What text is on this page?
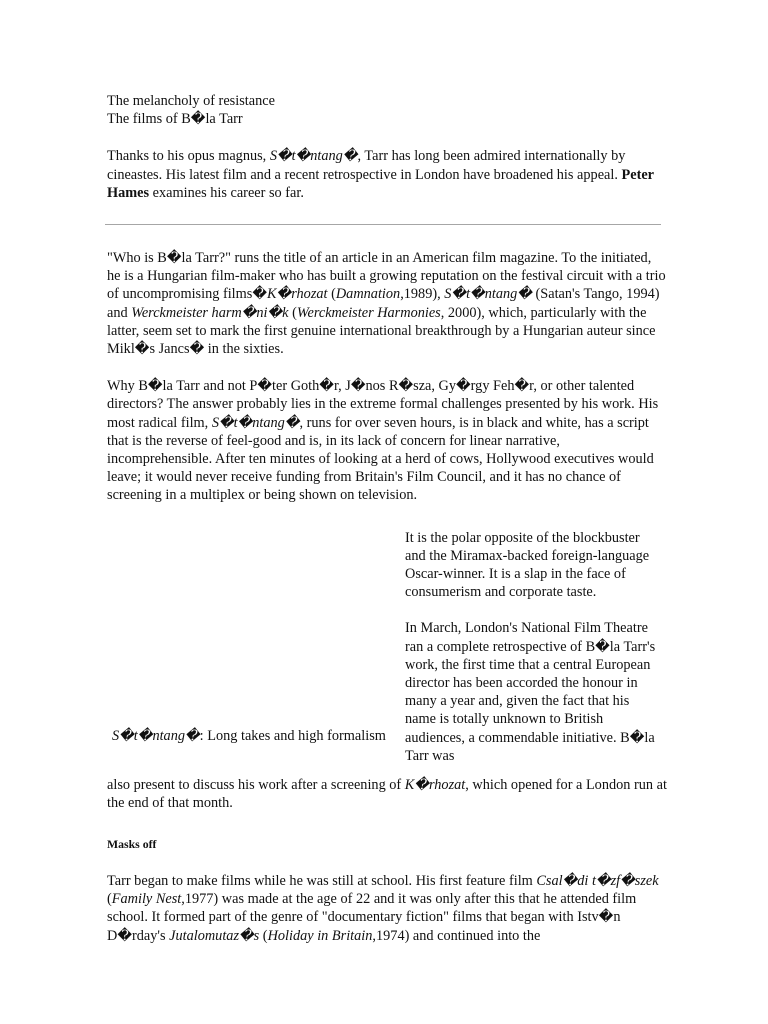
The melancholy of resistance
The films of B�la Tarr

Thanks to his opus magnus, S�t�ntang�, Tarr has long been admired internationally by cineastes. His latest film and a recent retrospective in London have broadened his appeal. Peter Hames examines his career so far.

"Who is B�la Tarr?" runs the title of an article in an American film magazine. To the initiated, he is a Hungarian film-maker who has built a growing reputation on the festival circuit with a trio of uncompromising films�K�rhozat (Damnation,1989), S�t�ntang� (Satan's Tango, 1994) and Werckmeister harm�ni�k (Werckmeister Harmonies, 2000), which, particularly with the latter, seem set to mark the first genuine international breakthrough by a Hungarian auteur since Mikl�s Jancs� in the sixties.

Why B�la Tarr and not P�ter Goth�r, J�nos R�sza, Gy�rgy Feh�r, or other talented directors? The answer probably lies in the extreme formal challenges presented by his work. His most radical film, S�t�ntang�, runs for over seven hours, is in black and white, has a script that is the reverse of feel-good and is, in its lack of concern for linear narrative, incomprehensible. After ten minutes of looking at a herd of cows, Hollywood executives would leave; it would never receive funding from Britain's Film Council, and it has no chance of screening in a multiplex or being shown on television.

It is the polar opposite of the blockbuster and the Miramax-backed foreign-language Oscar-winner. It is a slap in the face of consumerism and corporate taste.

In March, London's National Film Theatre ran a complete retrospective of B�la Tarr's work, the first time that a central European director has been accorded the honour in many a year and, given the fact that his name is totally unknown to British audiences, a commendable initiative. B�la Tarr was

S�t�ntang�: Long takes and high formalism

also present to discuss his work after a screening of K�rhozat, which opened for a London run at the end of that month.

Masks off

Tarr began to make films while he was still at school. His first feature film Csal�di t�zf�szek (Family Nest,1977) was made at the age of 22 and it was only after this that he attended film school. It formed part of the genre of "documentary fiction" films that began with Istv�n D�rday's Jutalomutaz�s (Holiday in Britain,1974) and continued into the
